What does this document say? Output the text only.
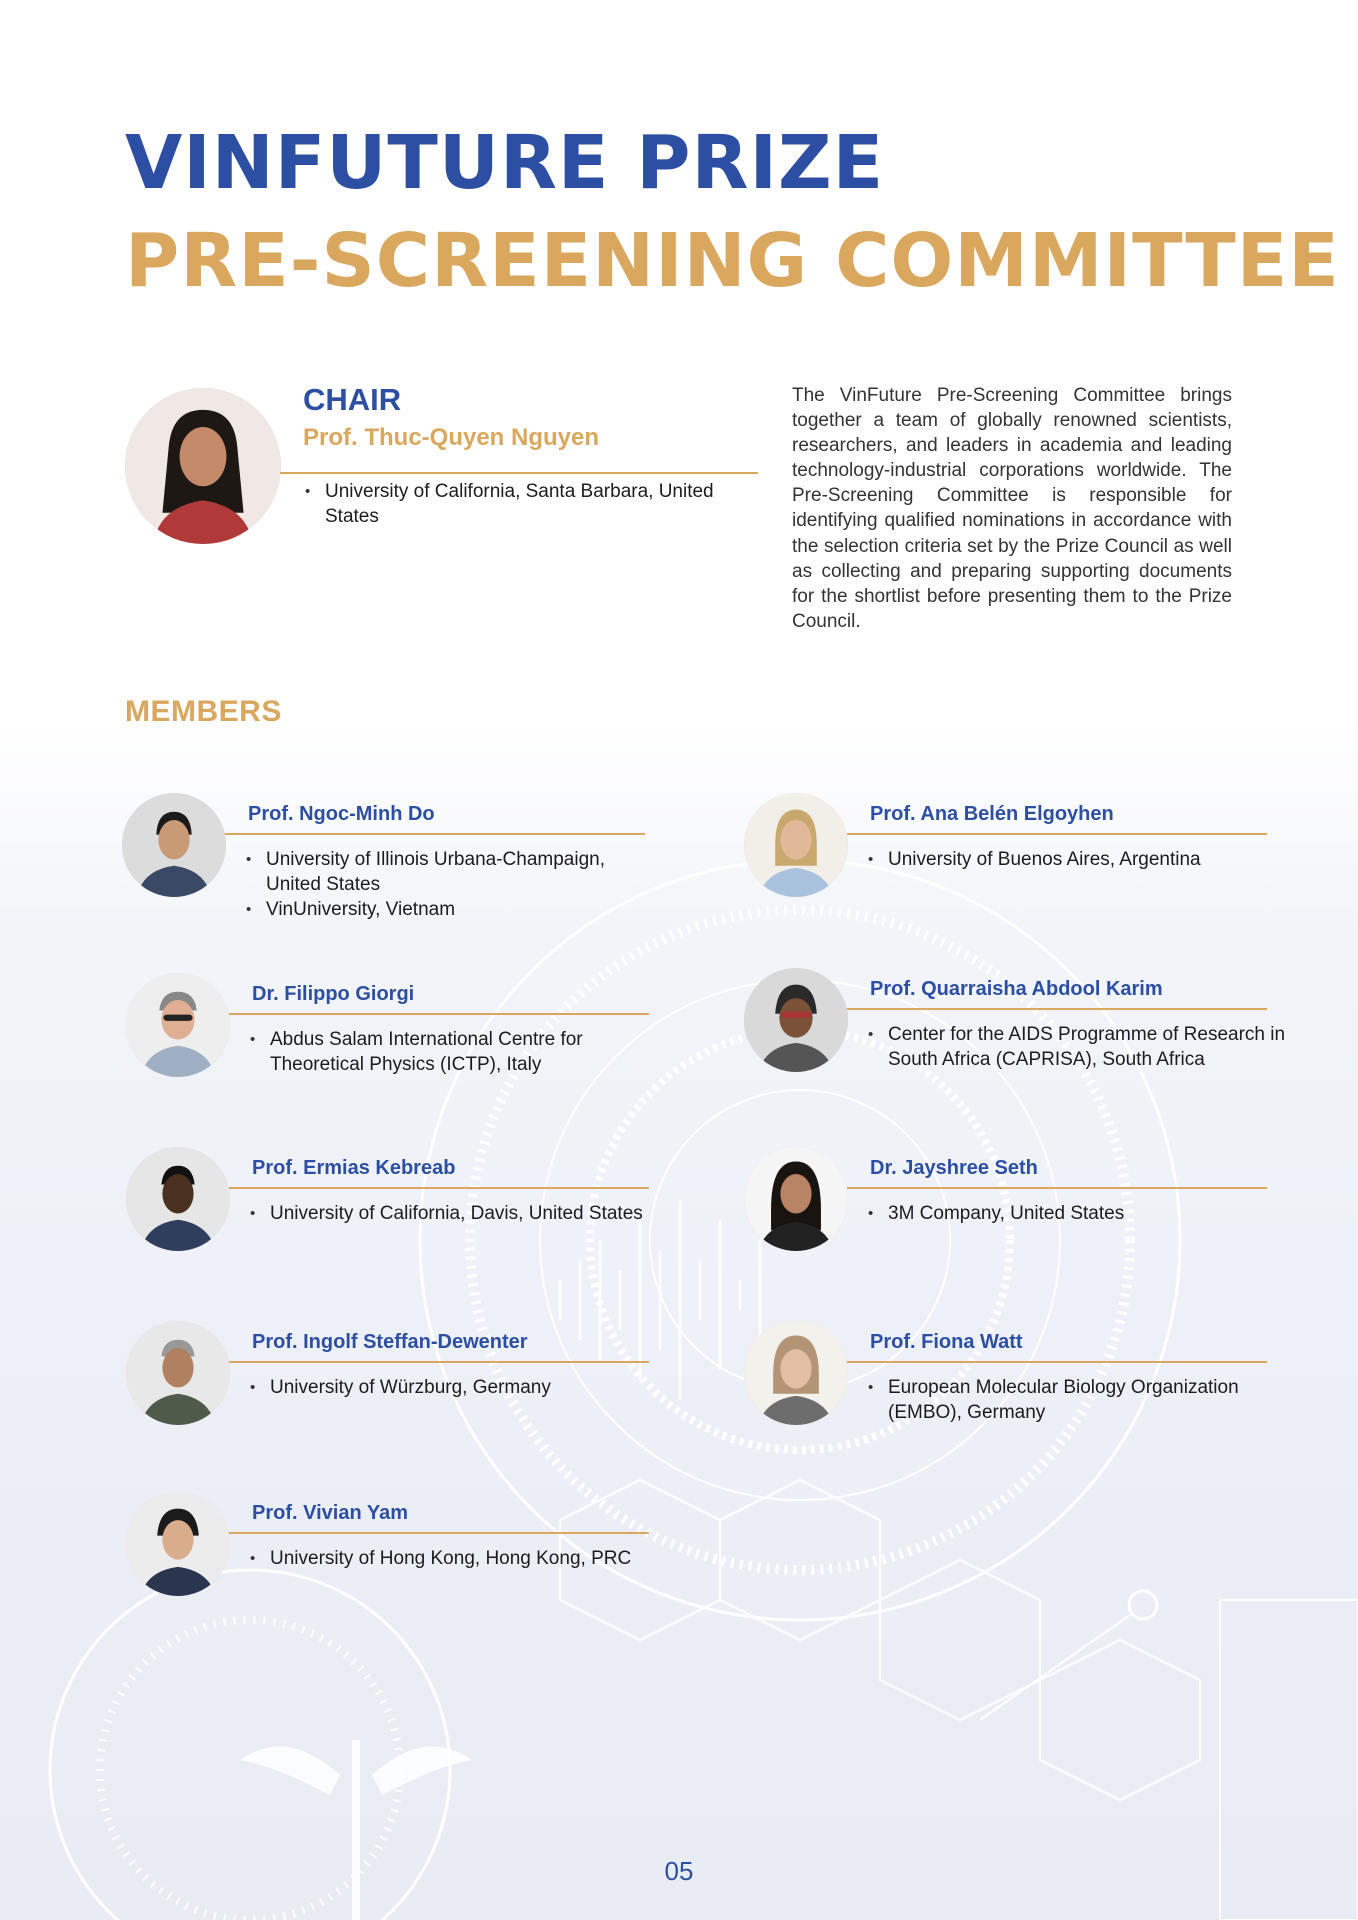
VINFUTURE PRIZE
PRE-SCREENING COMMITTEE
CHAIR
Prof. Thuc-Quyen Nguyen
• University of California, Santa Barbara, United States

The VinFuture Pre-Screening Committee brings together a team of globally renowned scientists, researchers, and leaders in academia and leading technology-industrial corporations worldwide. The Pre-Screening Committee is responsible for identifying qualified nominations in accordance with the selection criteria set by the Prize Council as well as collecting and preparing supporting documents for the shortlist before presenting them to the Prize Council.

MEMBERS
Prof. Ngoc-Minh Do
• University of Illinois Urbana-Champaign, United States
• VinUniversity, Vietnam
Prof. Ana Belén Elgoyhen
• University of Buenos Aires, Argentina
Dr. Filippo Giorgi
• Abdus Salam International Centre for Theoretical Physics (ICTP), Italy
Prof. Quarraisha Abdool Karim
• Center for the AIDS Programme of Research in South Africa (CAPRISA), South Africa
Prof. Ermias Kebreab
• University of California, Davis, United States
Dr. Jayshree Seth
• 3M Company, United States
Prof. Ingolf Steffan-Dewenter
• University of Würzburg, Germany
Prof. Fiona Watt
• European Molecular Biology Organization (EMBO), Germany
Prof. Vivian Yam
• University of Hong Kong, Hong Kong, PRC
05
